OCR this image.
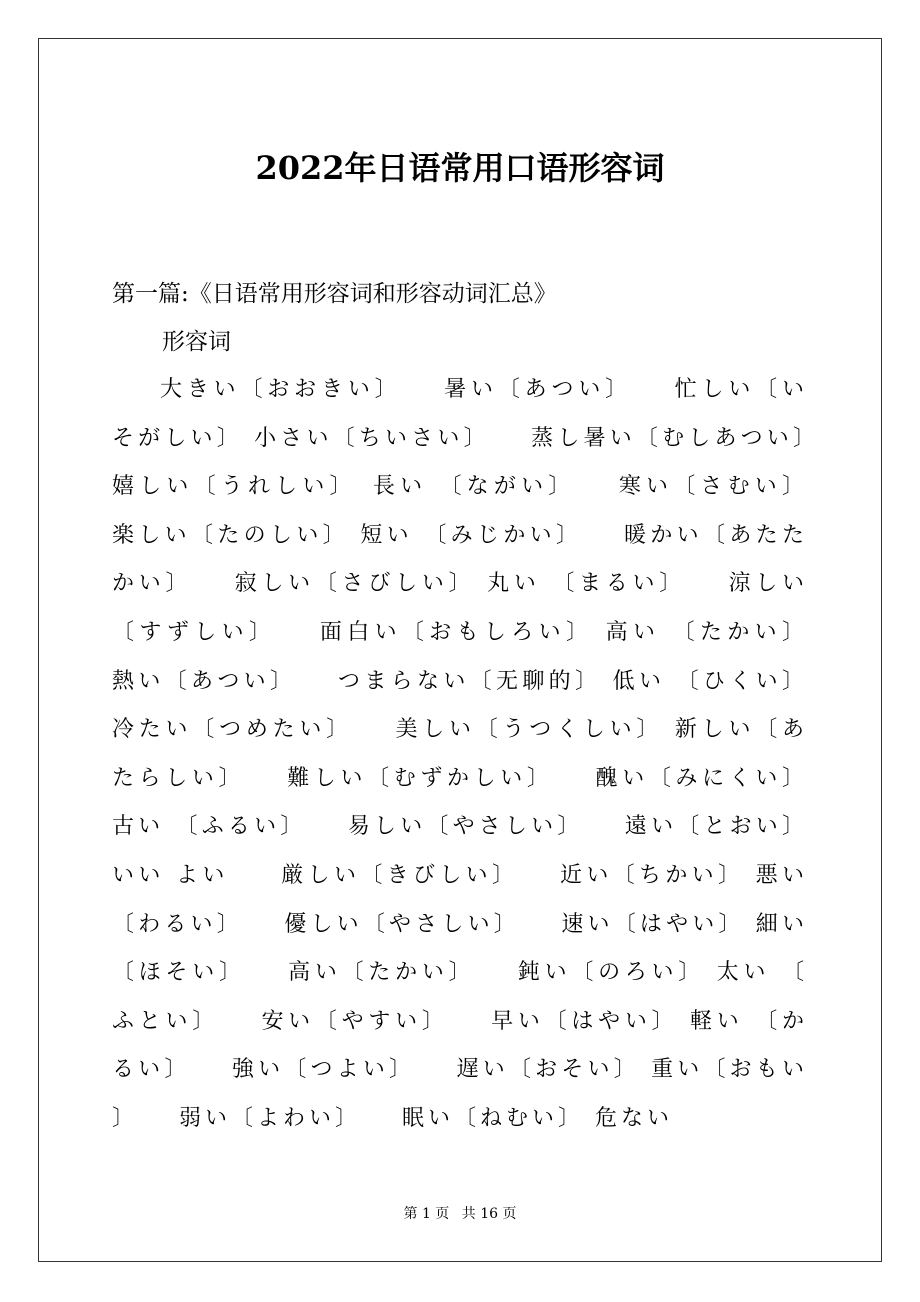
2022年日语常用口语形容词

第一篇:《日语常用形容词和形容动词汇总》

形容词

大きい〔おおきい〕　　暑い〔あつい〕　　忙しい〔いそがしい〕 小さい〔ちいさい〕　　蒸し暑い〔むしあつい〕 嬉しい〔うれしい〕　長い 〔ながい〕　　寒い〔さむい〕 楽しい〔たのしい〕 短い 〔みじかい〕　　暖かい〔あたたかい〕　　寂しい〔さびしい〕 丸い 〔まるい〕　　涼しい〔すずしい〕　　面白い〔おもしろい〕 高い 〔たかい〕 熱い〔あつい〕　　つまらない〔无聊的〕 低い 〔ひくい〕 冷たい〔つめたい〕　　美しい〔うつくしい〕 新しい〔あたらしい〕　　難しい〔むずかしい〕　　醜い〔みにくい〕 古い 〔ふるい〕　　易しい〔やさしい〕　　遠い〔とおい〕 いい よい　　厳しい〔きびしい〕　　近い〔ちかい〕 悪い 〔わるい〕　　優しい〔やさしい〕　　速い〔はやい〕 細い 〔ほそい〕　　高い〔たかい〕　　鈍い〔のろい〕 太い 〔ふとい〕　　安い〔やすい〕　　早い〔はやい〕 軽い 〔かるい〕　　強い〔つよい〕　　遅い〔おそい〕 重い〔おもい〕　　弱い〔よわい〕　　眠い〔ねむい〕 危ない

第 1 页 共 16 页
